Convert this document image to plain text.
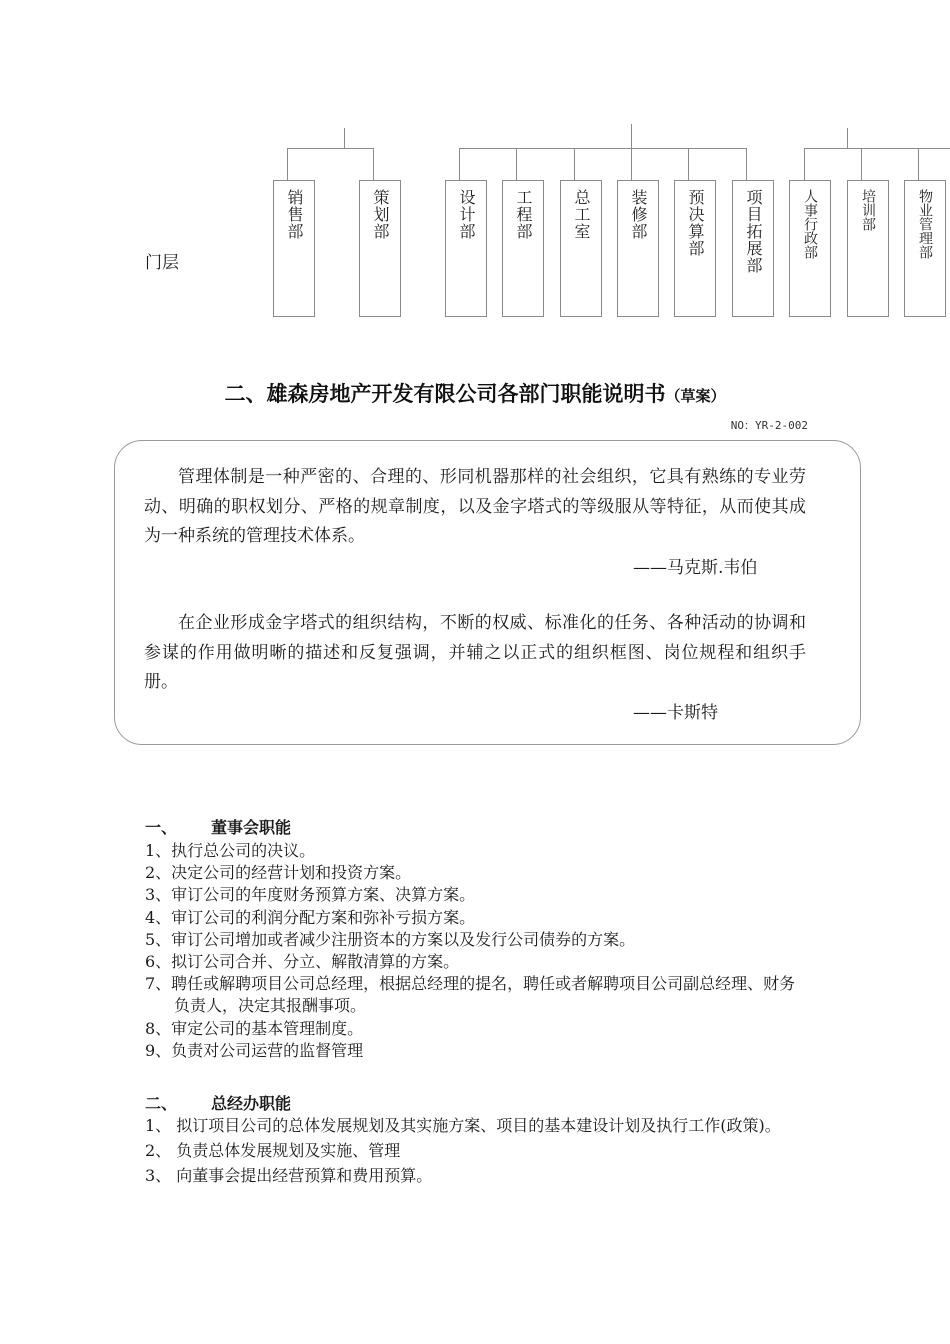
门层
销售部	策划部	设计部 工程部 总工室 装修部 预决算部 项目拓展部	人事行政部	培训部	物业管理部
二、雄森房地产开发有限公司各部门职能说明书（草案）
NO：YR-2-002

管理体制是一种严密的、合理的、形同机器那样的社会组织，它具有熟练的专业劳动、明确的职权划分、严格的规章制度，以及金字塔式的等级服从等特征，从而使其成为一种系统的管理技术体系。

——马克斯.韦伯

在企业形成金字塔式的组织结构，不断的权威、标准化的任务、各种活动的协调和参谋的作用做明晰的描述和反复强调，并辅之以正式的组织框图、岗位规程和组织手册。

——卡斯特
一、 董事会职能
1、执行总公司的决议。
2、决定公司的经营计划和投资方案。
3、审订公司的年度财务预算方案、决算方案。
4、审订公司的利润分配方案和弥补亏损方案。
5、审订公司增加或者减少注册资本的方案以及发行公司债券的方案。
6、拟订公司合并、分立、解散清算的方案。
7、聘任或解聘项目公司总经理，根据总经理的提名，聘任或者解聘项目公司副总经理、财务负责人，决定其报酬事项。
8、审定公司的基本管理制度。
9、负责对公司运营的监督管理
二、 总经办职能
1、 拟订项目公司的总体发展规划及其实施方案、项目的基本建设计划及执行工作(政策)。
2、 负责总体发展规划及实施、管理
3、 向董事会提出经营预算和费用预算。
